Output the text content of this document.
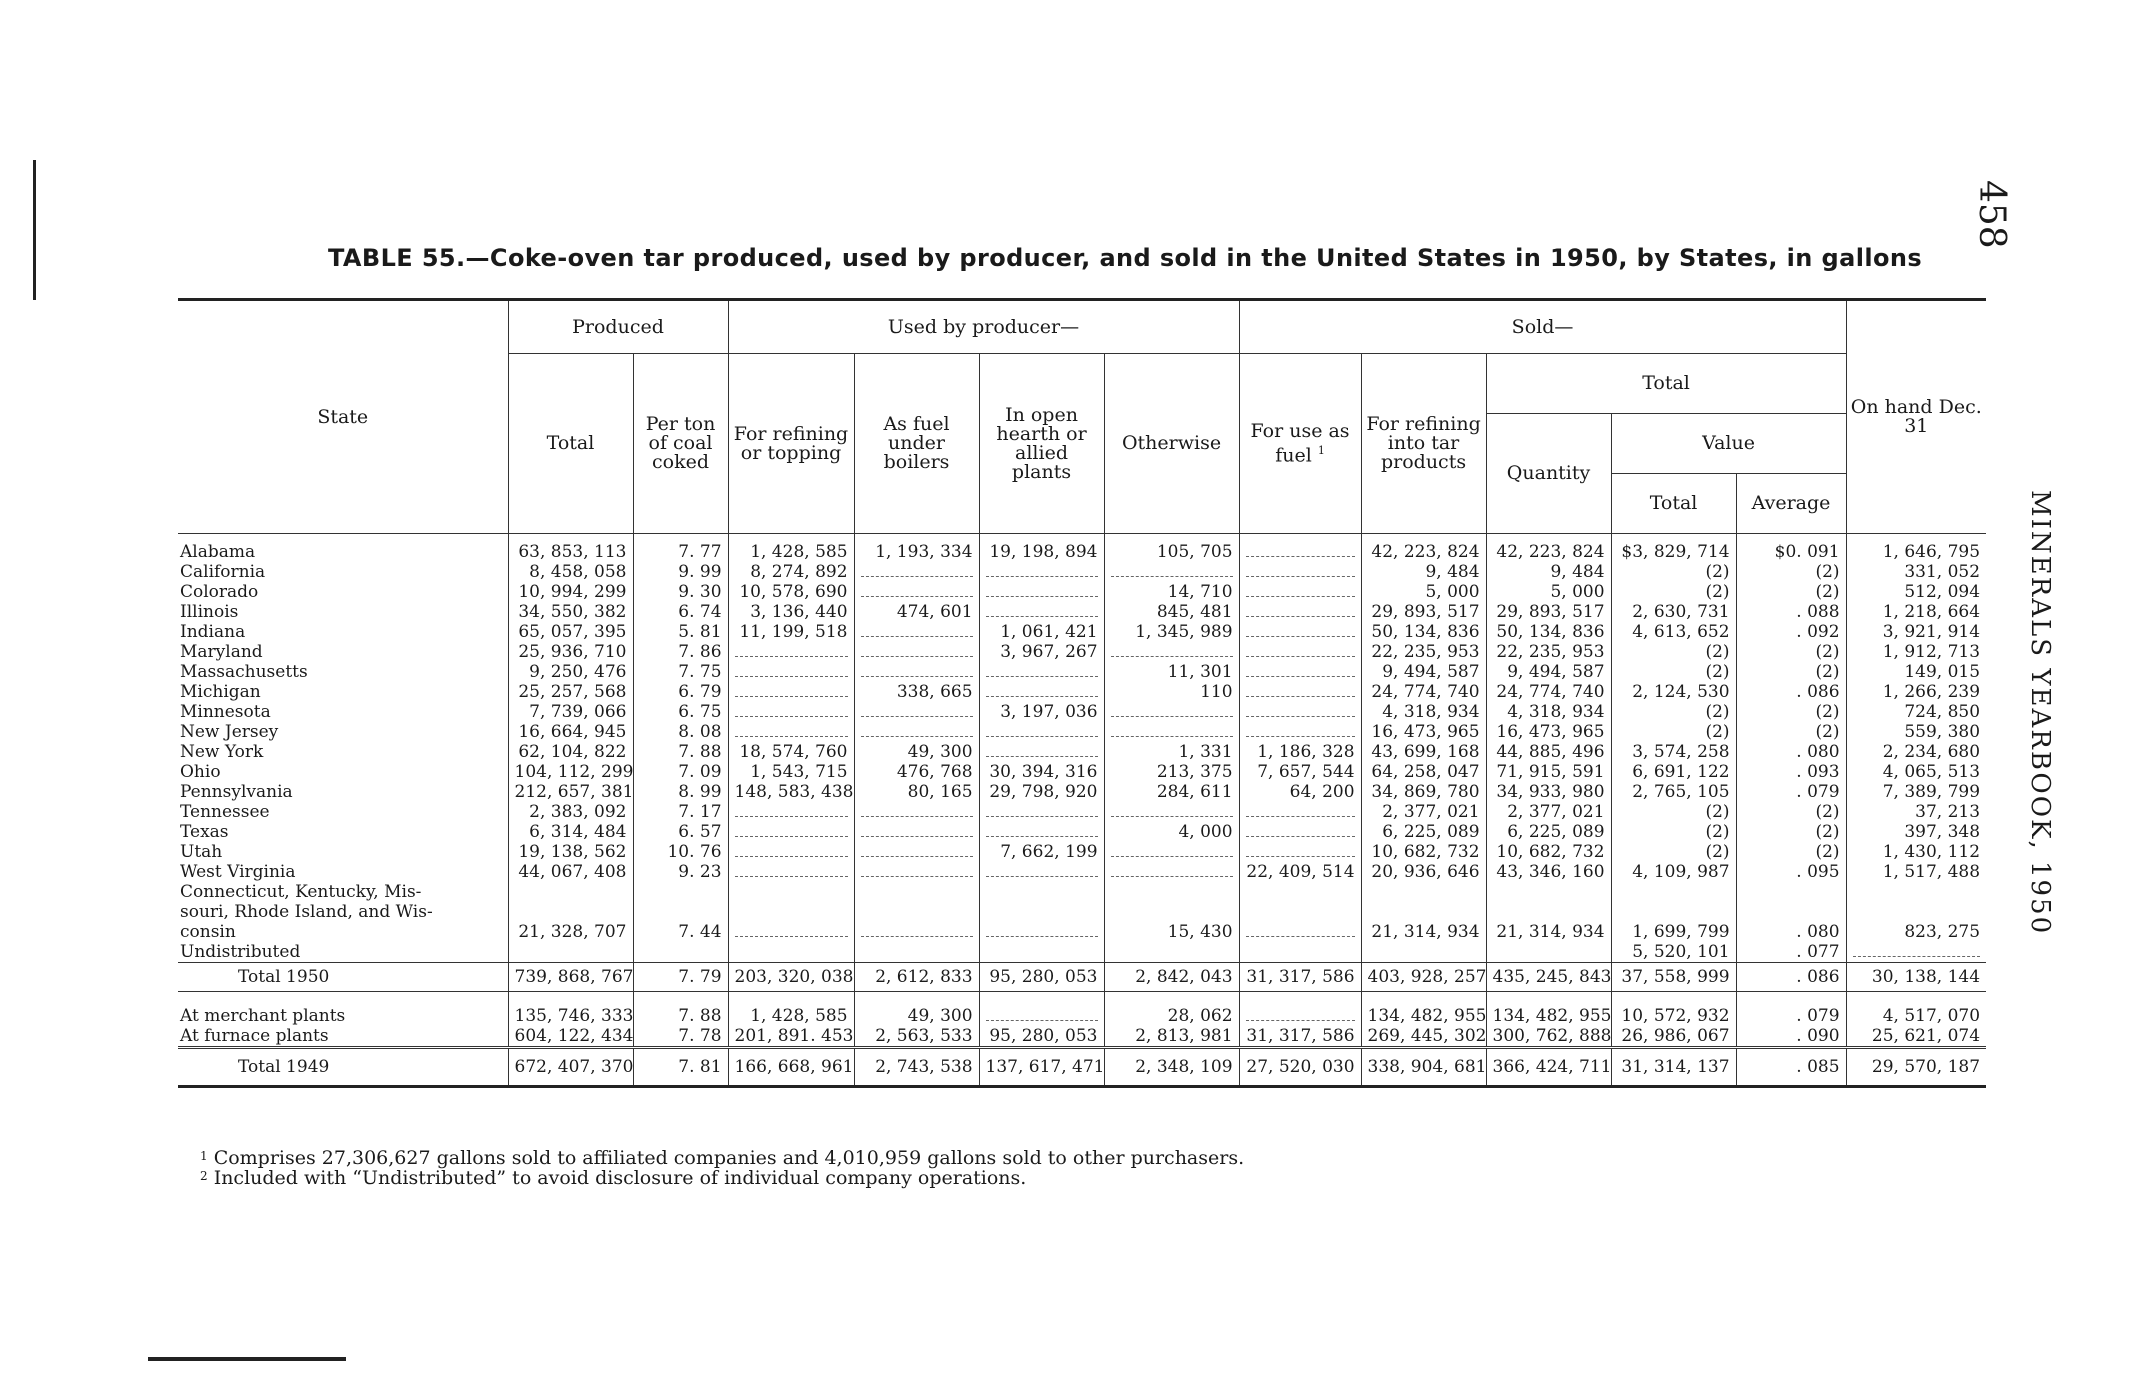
TABLE 55.—Coke-oven tar produced, used by producer, and sold in the United States in 1950, by States, in gallons
458
MINERALS YEARBOOK, 1950
State	Produced		Used by producer—				Sold—					On hand Dec. 31
	Total	Per ton of coal coked	For refining or topping	As fuel under boilers	In open hearth or allied plants	Otherwise	For use as fuel $^1$	For refining into tar products	Total			
									Quantity	Value		
										Total	Average	
Alabama	63, 853, 113	7. 77	1, 428, 585	1, 193, 334	19, 198, 894	105, 705		42, 223, 824	42, 223, 824	$3, 829, 714	$0. 091	1, 646, 795
California	8, 458, 058	9. 99	8, 274, 892					9, 484	9, 484	(2)	(2)	331, 052
Colorado	10, 994, 299	9. 30	10, 578, 690			14, 710		5, 000	5, 000	(2)	(2)	512, 094
Illinois	34, 550, 382	6. 74	3, 136, 440	474, 601		845, 481		29, 893, 517	29, 893, 517	2, 630, 731	. 088	1, 218, 664
Indiana	65, 057, 395	5. 81	11, 199, 518		1, 061, 421	1, 345, 989		50, 134, 836	50, 134, 836	4, 613, 652	. 092	3, 921, 914
Maryland	25, 936, 710	7. 86			3, 967, 267			22, 235, 953	22, 235, 953	(2)	(2)	1, 912, 713
Massachusetts	9, 250, 476	7. 75				11, 301		9, 494, 587	9, 494, 587	(2)	(2)	149, 015
Michigan	25, 257, 568	6. 79		338, 665		110		24, 774, 740	24, 774, 740	2, 124, 530	. 086	1, 266, 239
Minnesota	7, 739, 066	6. 75			3, 197, 036			4, 318, 934	4, 318, 934	(2)	(2)	724, 850
New Jersey	16, 664, 945	8. 08						16, 473, 965	16, 473, 965	(2)	(2)	559, 380
New York	62, 104, 822	7. 88	18, 574, 760	49, 300		1, 331	1, 186, 328	43, 699, 168	44, 885, 496	3, 574, 258	. 080	2, 234, 680
Ohio	104, 112, 299	7. 09	1, 543, 715	476, 768	30, 394, 316	213, 375	7, 657, 544	64, 258, 047	71, 915, 591	6, 691, 122	. 093	4, 065, 513
Pennsylvania	212, 657, 381	8. 99	148, 583, 438	80, 165	29, 798, 920	284, 611	64, 200	34, 869, 780	34, 933, 980	2, 765, 105	. 079	7, 389, 799
Tennessee	2, 383, 092	7. 17						2, 377, 021	2, 377, 021	(2)	(2)	37, 213
Texas	6, 314, 484	6. 57				4, 000		6, 225, 089	6, 225, 089	(2)	(2)	397, 348
Utah	19, 138, 562	10. 76			7, 662, 199			10, 682, 732	10, 682, 732	(2)	(2)	1, 430, 112
West Virginia	44, 067, 408	9. 23					22, 409, 514	20, 936, 646	43, 346, 160	4, 109, 987	. 095	1, 517, 488
Connecticut, Kentucky, Mis-												
souri, Rhode Island, and Wis-												
consin	21, 328, 707	7. 44				15, 430		21, 314, 934	21, 314, 934	1, 699, 799	. 080	823, 275
Undistributed										5, 520, 101	. 077	

Total 1950	739, 868, 767	7. 79	203, 320, 038	2, 612, 833	95, 280, 053	2, 842, 043	31, 317, 586	403, 928, 257	435, 245, 843	37, 558, 999	. 086	30, 138, 144

At merchant plants	135, 746, 333	7. 88	1, 428, 585	49, 300		28, 062		134, 482, 955	134, 482, 955	10, 572, 932	. 079	4, 517, 070
At furnace plants	604, 122, 434	7. 78	201, 891. 453	2, 563, 533	95, 280, 053	2, 813, 981	31, 317, 586	269, 445, 302	300, 762, 888	26, 986, 067	. 090	25, 621, 074
Total 1949	672, 407, 370	7. 81	166, 668, 961	2, 743, 538	137, 617, 471	2, 348, 109	27, 520, 030	338, 904, 681	366, 424, 711	31, 314, 137	. 085	29, 570, 187
$^1$ Comprises 27,306,627 gallons sold to affiliated companies and 4,010,959 gallons sold to other purchasers.
$^2$ Included with “Undistributed” to avoid disclosure of individual company operations.
